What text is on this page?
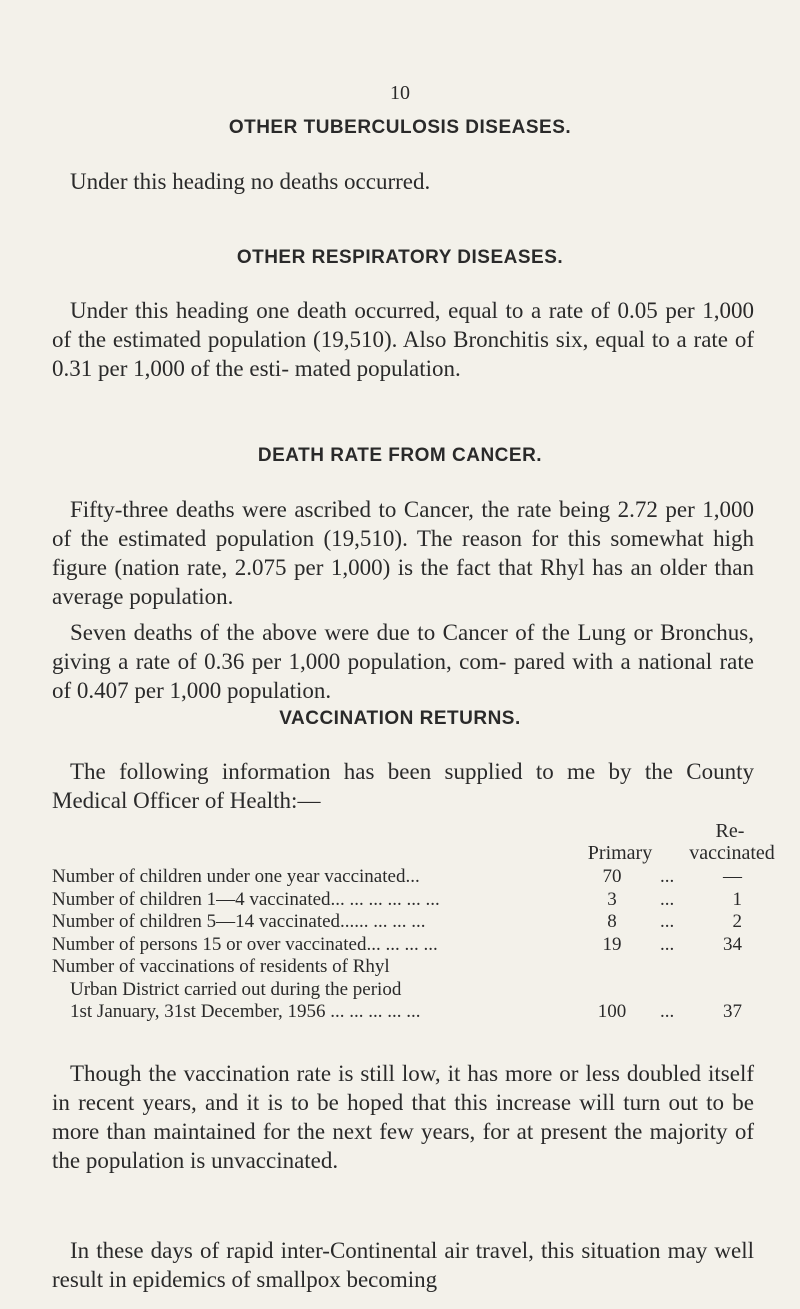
10
OTHER TUBERCULOSIS DISEASES.

Under this heading no deaths occurred.

OTHER RESPIRATORY DISEASES.

Under this heading one death occurred, equal to a rate of 0.05 per 1,000 of the estimated population (19,510). Also Bronchitis six, equal to a rate of 0.31 per 1,000 of the esti- mated population.

DEATH RATE FROM CANCER.

Fifty-three deaths were ascribed to Cancer, the rate being 2.72 per 1,000 of the estimated population (19,510). The reason for this somewhat high figure (nation rate, 2.075 per 1,000) is the fact that Rhyl has an older than average population.

Seven deaths of the above were due to Cancer of the Lung or Bronchus, giving a rate of 0.36 per 1,000 population, com- pared with a national rate of 0.407 per 1,000 population.

VACCINATION RETURNS.

The following information has been supplied to me by the County Medical Officer of Health:—

Re-
Primary	vaccinated
Number of children under one year vaccinated...	70	...	—
Number of children 1—4 vaccinated... ... ... ... ... ...	3	...	1
Number of children 5—14 vaccinated...... ... ... ...	8	...	2
Number of persons 15 or over vaccinated... ... ... ...	19	...	34
Number of vaccinations of residents of Rhyl
Urban District carried out during the period
1st January, 31st December, 1956 ... ... ... ... ...	100	...	37

Though the vaccination rate is still low, it has more or less doubled itself in recent years, and it is to be hoped that this increase will turn out to be more than maintained for the next few years, for at present the majority of the population is unvaccinated.

In these days of rapid inter-Continental air travel, this situation may well result in epidemics of smallpox becoming
